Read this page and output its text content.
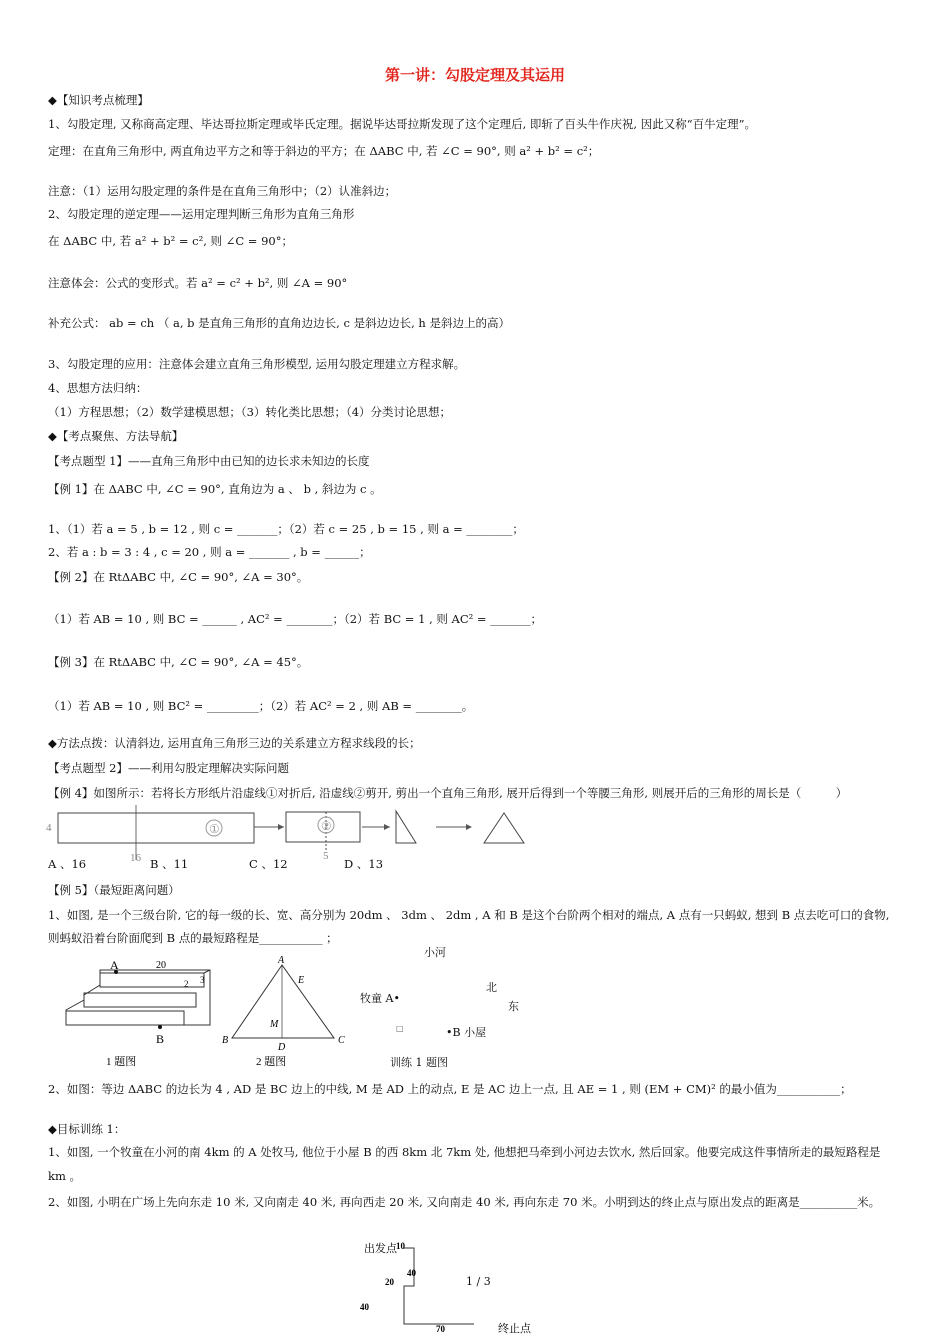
第一讲：勾股定理及其运用
◆【知识考点梳理】
1、勾股定理, 又称商高定理、毕达哥拉斯定理或毕氏定理。据说毕达哥拉斯发现了这个定理后, 即斩了百头牛作庆祝, 因此又称“百牛定理”。
定理：在直角三角形中, 两直角边平方之和等于斜边的平方；在 ΔABC 中, 若 ∠C = 90°, 则 a² + b² = c²；
注意：（1）运用勾股定理的条件是在直角三角形中；（2）认准斜边；
2、勾股定理的逆定理——运用定理判断三角形为直角三角形
在 ΔABC 中, 若 a² + b² = c², 则 ∠C = 90°；
注意体会：公式的变形式。若 a² = c² + b², 则 ∠A = 90°
补充公式： ab = ch （ a, b 是直角三角形的直角边边长, c 是斜边边长, h 是斜边上的高）
3、勾股定理的应用：注意体会建立直角三角形模型, 运用勾股定理建立方程求解。
4、思想方法归纳：
（1）方程思想；（2）数学建模思想；（3）转化类比思想；（4）分类讨论思想；
◆【考点聚焦、方法导航】
【考点题型 1】——直角三角形中由已知的边长求未知边的长度
【例 1】在 ΔABC 中, ∠C = 90°, 直角边为 a 、 b , 斜边为 c 。
1、（1）若 a = 5 , b = 12 , 则 c = _______；（2）若 c = 25 , b = 15 , 则 a = ________；
2、若 a : b = 3 : 4 , c = 20 , 则 a = _______ , b = ______；
【例 2】在 RtΔABC 中, ∠C = 90°, ∠A = 30°。
（1）若 AB = 10 , 则 BC = ______ , AC² = ________；（2）若 BC = 1 , 则 AC² = _______；
【例 3】在 RtΔABC 中, ∠C = 90°, ∠A = 45°。
（1）若 AB = 10 , 则 BC² = _________；（2）若 AC² = 2 , 则 AB = ________。
◆方法点拨：认清斜边, 运用直角三角形三边的关系建立方程求线段的长；
【考点题型 2】——利用勾股定理解决实际问题
【例 4】如图所示：若将长方形纸片沿虚线①对折后, 沿虚线②剪开, 剪出一个直角三角形, 展开后得到一个等腰三角形, 则展开后的三角形的周长是（　　　）
【例 5】（最短距离问题）
1、如图, 是一个三级台阶, 它的每一级的长、宽、高分别为 20dm 、 3dm 、 2dm , A 和 B 是这个台阶两个相对的端点, A 点有一只蚂蚁, 想到 B 点去吃可口的食物,
则蚂蚁沿着台阶面爬到 B 点的最短路程是___________ ；
2、如图：等边 ΔABC 的边长为 4 , AD 是 BC 边上的中线, M 是 AD 上的动点, E 是 AC 边上一点, 且 AE = 1 , 则 (EM + CM)² 的最小值为___________；
◆目标训练 1：
1、如图, 一个牧童在小河的南 4km 的 A 处牧马, 他位于小屋 B 的西 8km 北 7km 处, 他想把马牵到小河边去饮水, 然后回家。他要完成这件事情所走的最短路程是
km 。
2、如图, 小明在广场上先向东走 10 米, 又向南走 40 米, 再向西走 20 米, 又向南走 40 米, 再向东走 70 米。小明到达的终止点与原出发点的距离是__________米。
4	①
16
②
5
A 、16	B 、11	C 、12	D 、13
A
B
20
2 3
1 题图
A
B	C
D
E
M
2 题图
小河
北
东
牧童 A•
□	•B 小屋
训练 1 题图
出发点 10
40
20
40
70	终止点
1 / 3
